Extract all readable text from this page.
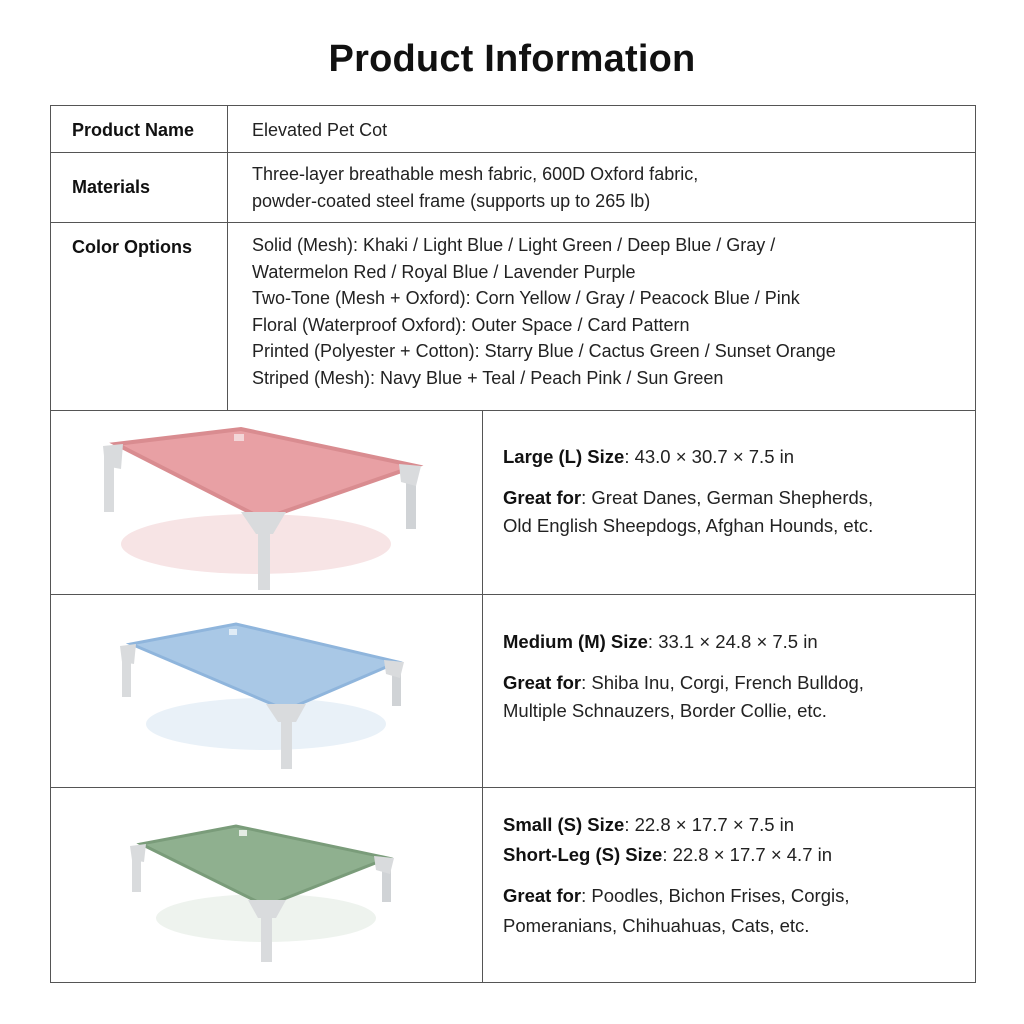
Product Information
Product Name	Elevated Pet Cot
Materials
Three-layer breathable mesh fabric, 600D Oxford fabric,
powder-coated steel frame (supports up to 265 lb)
Color Options	Solid (Mesh): Khaki / Light Blue / Light Green / Deep Blue / Gray /
Watermelon Red / Royal Blue / Lavender Purple
Two-Tone (Mesh + Oxford): Corn Yellow / Gray / Peacock Blue / Pink
Floral (Waterproof Oxford): Outer Space / Card Pattern
Printed (Polyester + Cotton): Starry Blue / Cactus Green / Sunset Orange
Striped (Mesh): Navy Blue + Teal / Peach Pink / Sun Green
Large (L) Size: 43.0 × 30.7 × 7.5 in
Great for: Great Danes, German Shepherds,
Old English Sheepdogs, Afghan Hounds, etc.
Medium (M) Size: 33.1 × 24.8 × 7.5 in
Great for: Shiba Inu, Corgi, French Bulldog,
Multiple Schnauzers, Border Collie, etc.
Small (S) Size: 22.8 × 17.7 × 7.5 in
Short-Leg (S) Size: 22.8 × 17.7 × 4.7 in
Great for: Poodles, Bichon Frises, Corgis,
Pomeranians, Chihuahuas, Cats, etc.
